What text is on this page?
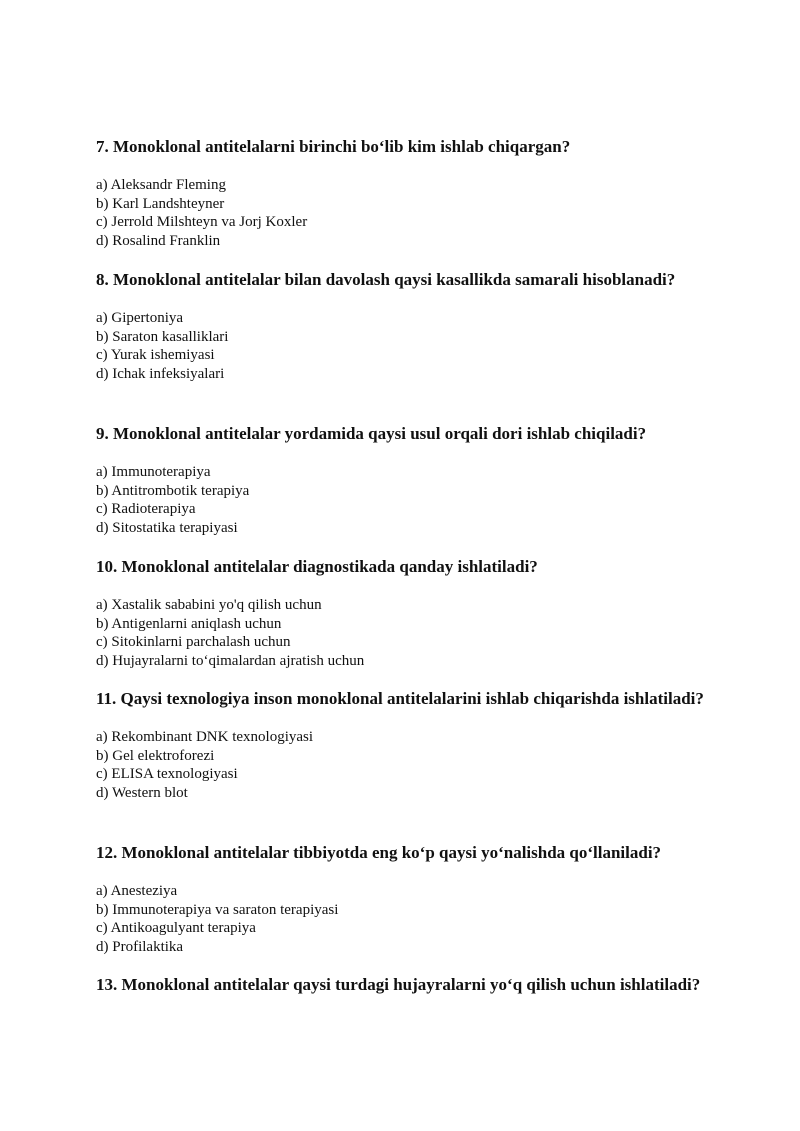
7. Monoklonal antitelalarni birinchi bo‘lib kim ishlab chiqargan?

a) Aleksandr Fleming
b) Karl Landshteyner
c) Jerrold Milshteyn va Jorj Koxler
d) Rosalind Franklin

8. Monoklonal antitelalar bilan davolash qaysi kasallikda samarali hisoblanadi?

a) Gipertoniya
b) Saraton kasalliklari
c) Yurak ishemiyasi
d) Ichak infeksiyalari

9. Monoklonal antitelalar yordamida qaysi usul orqali dori ishlab chiqiladi?

a) Immunoterapiya
b) Antitrombotik terapiya
c) Radioterapiya
d) Sitostatika terapiyasi

10. Monoklonal antitelalar diagnostikada qanday ishlatiladi?

a) Xastalik sababini yo'q qilish uchun
b) Antigenlarni aniqlash uchun
c) Sitokinlarni parchalash uchun
d) Hujayralarni to‘qimalardan ajratish uchun

11. Qaysi texnologiya inson monoklonal antitelalarini ishlab chiqarishda ishlatiladi?

a) Rekombinant DNK texnologiyasi
b) Gel elektroforezi
c) ELISA texnologiyasi
d) Western blot

12. Monoklonal antitelalar tibbiyotda eng ko‘p qaysi yo‘nalishda qo‘llaniladi?

a) Anesteziya
b) Immunoterapiya va saraton terapiyasi
c) Antikoagulyant terapiya
d) Profilaktika

13. Monoklonal antitelalar qaysi turdagi hujayralarni yo‘q qilish uchun ishlatiladi?
